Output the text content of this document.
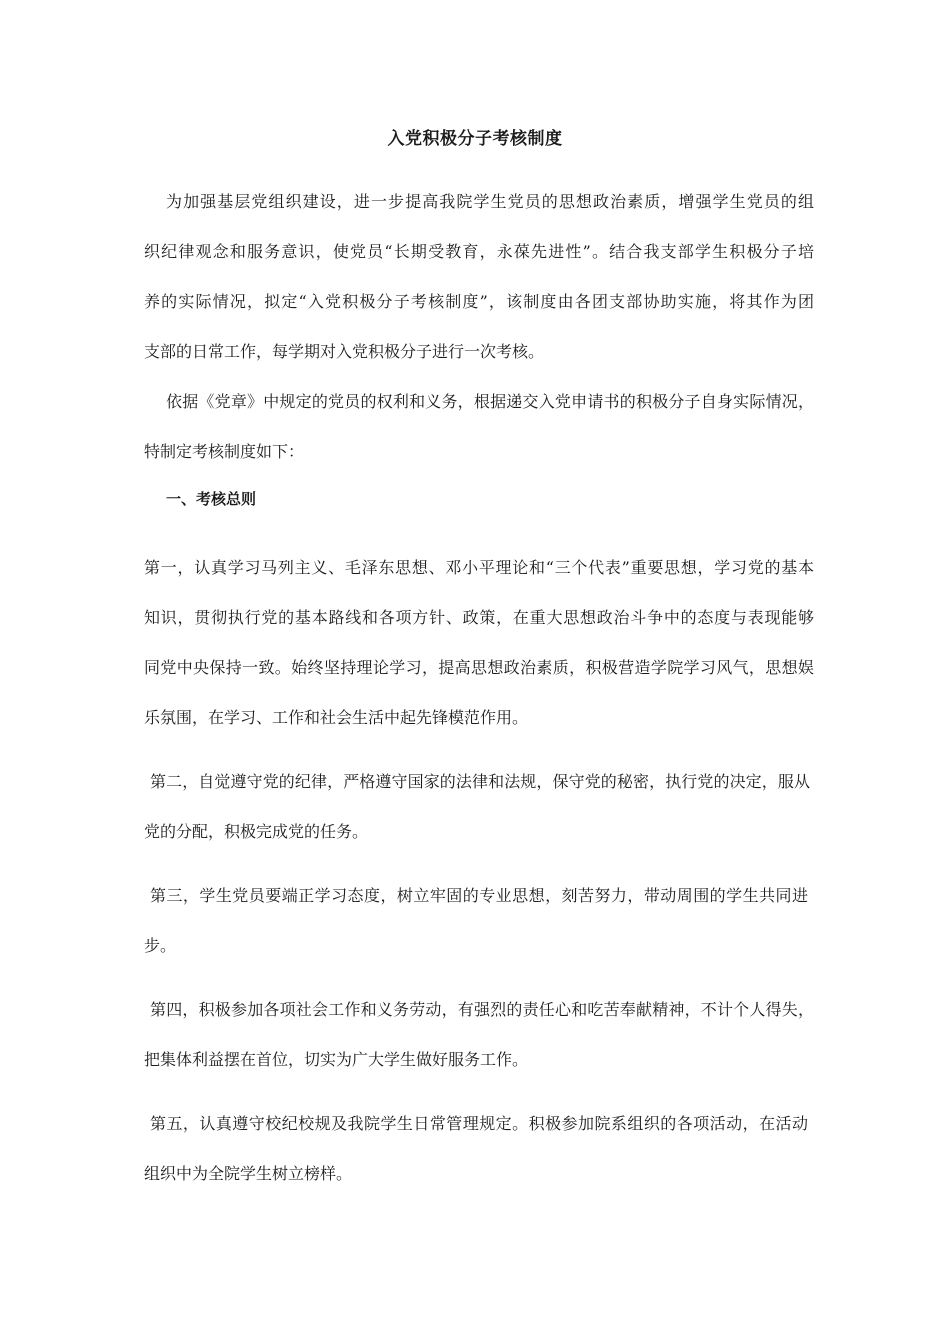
入党积极分子考核制度
为加强基层党组织建设，进一步提高我院学生党员的思想政治素质，增强学生党员的组
织纪律观念和服务意识，使党员“长期受教育，永葆先进性”。结合我支部学生积极分子培
养的实际情况，拟定“入党积极分子考核制度”，该制度由各团支部协助实施，将其作为团
支部的日常工作，每学期对入党积极分子进行一次考核。
依据《党章》中规定的党员的权利和义务，根据递交入党申请书的积极分子自身实际情况，
特制定考核制度如下：
一、考核总则
第一，认真学习马列主义、毛泽东思想、邓小平理论和“三个代表”重要思想，学习党的基本
知识，贯彻执行党的基本路线和各项方针、政策，在重大思想政治斗争中的态度与表现能够
同党中央保持一致。始终坚持理论学习，提高思想政治素质，积极营造学院学习风气，思想娱
乐氛围，在学习、工作和社会生活中起先锋模范作用。
第二，自觉遵守党的纪律，严格遵守国家的法律和法规，保守党的秘密，执行党的决定，服从
党的分配，积极完成党的任务。
第三，学生党员要端正学习态度，树立牢固的专业思想，刻苦努力，带动周围的学生共同进
步。
第四，积极参加各项社会工作和义务劳动，有强烈的责任心和吃苦奉献精神，不计个人得失，
把集体利益摆在首位，切实为广大学生做好服务工作。
第五，认真遵守校纪校规及我院学生日常管理规定。积极参加院系组织的各项活动，在活动
组织中为全院学生树立榜样。
